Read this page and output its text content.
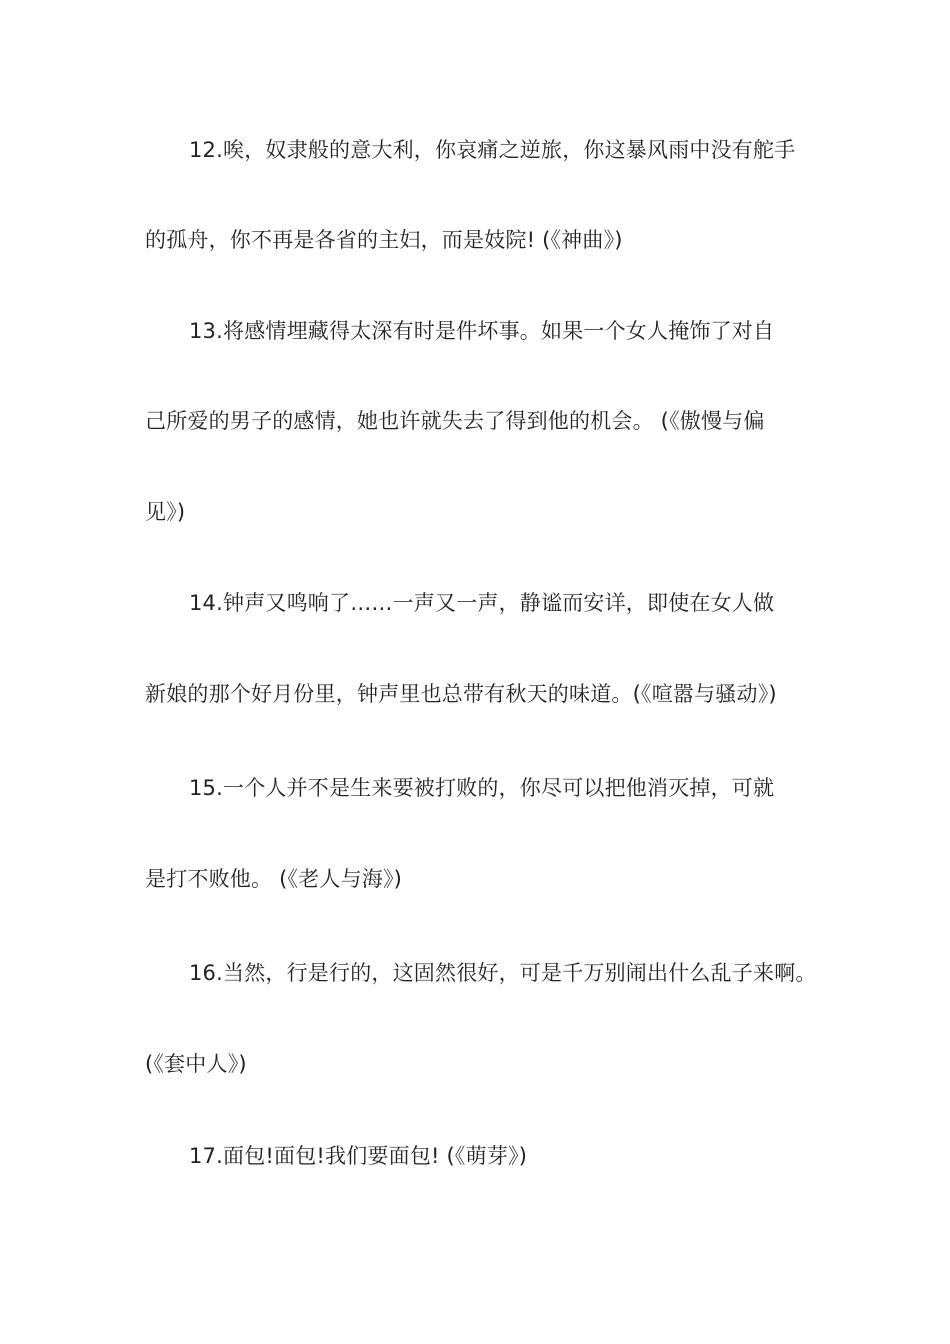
12.唉，奴隶般的意大利，你哀痛之逆旅，你这暴风雨中没有舵手
的孤舟，你不再是各省的主妇，而是妓院! (《神曲》)
13.将感情埋藏得太深有时是件坏事。如果一个女人掩饰了对自
己所爱的男子的感情，她也许就失去了得到他的机会。 (《傲慢与偏
见》)
14.钟声又鸣响了……一声又一声，静谧而安详，即使在女人做
新娘的那个好月份里，钟声里也总带有秋天的味道。(《喧嚣与骚动》)
15.一个人并不是生来要被打败的，你尽可以把他消灭掉，可就
是打不败他。 (《老人与海》)
16.当然，行是行的，这固然很好，可是千万别闹出什么乱子来啊。
(《套中人》)
17.面包!面包!我们要面包! (《萌芽》)
